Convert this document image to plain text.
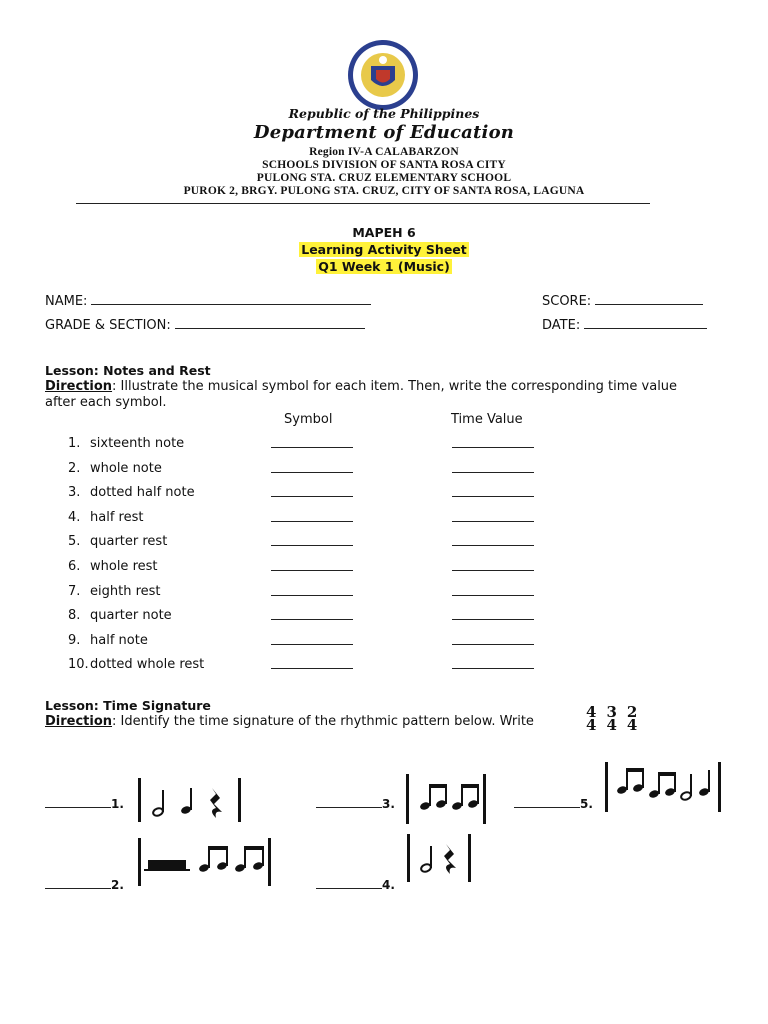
Republic of the Philippines
Department of Education
Region IV-A CALABARZON
SCHOOLS DIVISION OF SANTA ROSA CITY
PULONG STA. CRUZ ELEMENTARY SCHOOL
PUROK 2, BRGY. PULONG STA. CRUZ, CITY OF SANTA ROSA, LAGUNA
MAPEH 6
Learning Activity Sheet
Q1 Week 1 (Music)
NAME:	SCORE:
GRADE & SECTION:	DATE:
Lesson: Notes and Rest
Direction: Illustrate the musical symbol for each item. Then, write the corresponding time value after each symbol.
Symbol	Time Value
1. sixteenth note
2. whole note
3. dotted half note
4. half rest
5. quarter rest
6. whole rest
7. eighth rest
8. quarter note
9. half note
10.dotted whole rest
Lesson: Time Signature
Direction: Identify the time signature of the rhythmic pattern below. Write
4
4
3
4
2
4
1.
2.
3.
4.
5.
